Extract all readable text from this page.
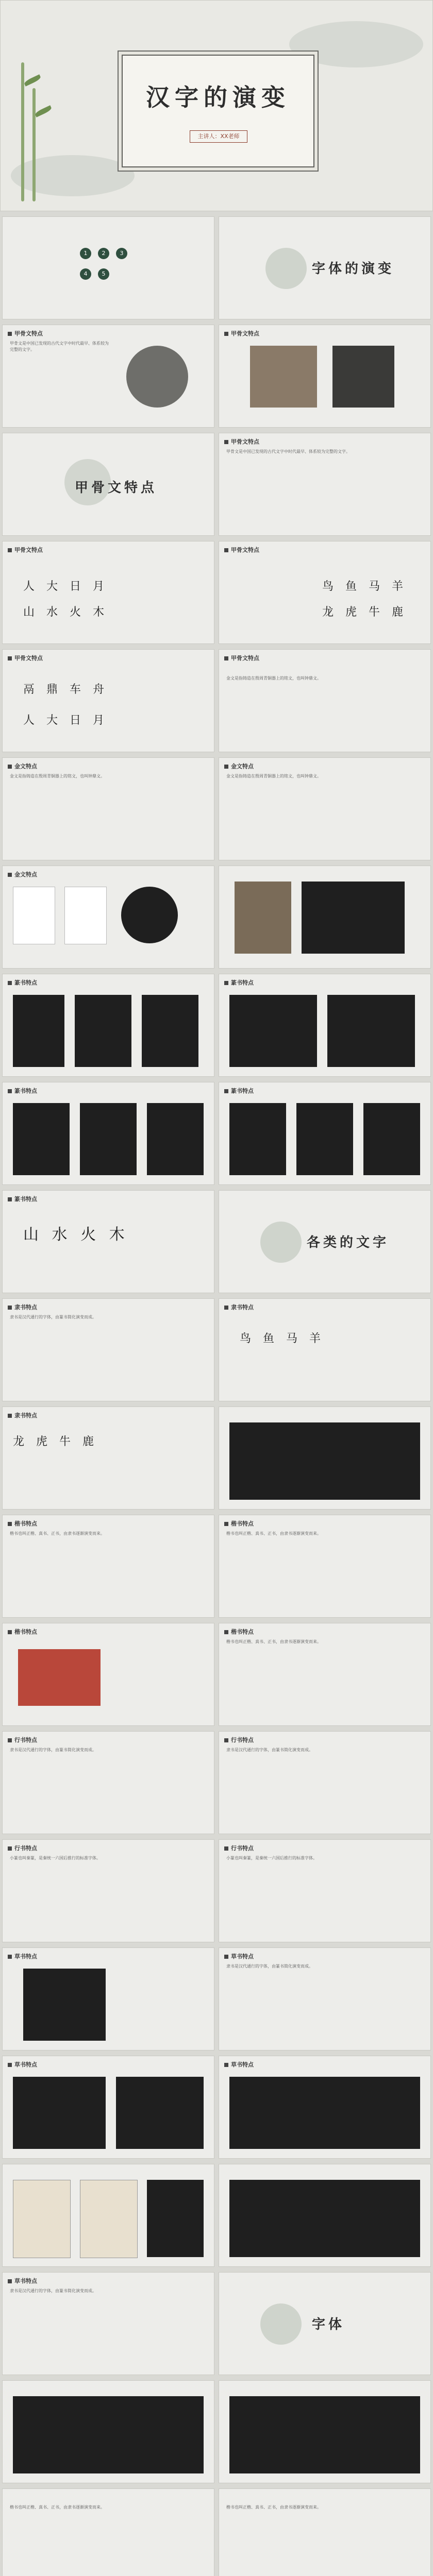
汉字的演变
主讲人：XX老师
1	2	3
4	5	字体的演变
甲骨文特点
甲骨文是中国已发现的古代文字中时代最早、体系较为完整的文字。
甲骨文特点
甲骨文特点
甲骨文特点
甲骨文是中国已发现的古代文字中时代最早、体系较为完整的文字。
甲骨文特点
人 大 日 月
山 水 火 木
甲骨文特点
鸟 鱼 马 羊
龙 虎 牛 鹿
甲骨文特点
鬲 鼎 车 舟
人 大 日 月
甲骨文特点
金文是指铸造在殷周青铜器上的铭文，也叫钟鼎文。
金文特点
金文是指铸造在殷周青铜器上的铭文，也叫钟鼎文。
金文特点
金文是指铸造在殷周青铜器上的铭文，也叫钟鼎文。
金文特点
篆书特点	篆书特点
篆书特点	篆书特点
篆书特点
山 水 火 木	各类的文字
隶书特点
隶书是汉代通行的字体，由篆书简化演变而成。
隶书特点
鸟 鱼 马 羊
隶书特点
龙 虎 牛 鹿
楷书特点
楷书也叫正楷、真书、正书，由隶书逐渐演变而来。
楷书特点
楷书也叫正楷、真书、正书，由隶书逐渐演变而来。
楷书特点	楷书特点
楷书也叫正楷、真书、正书，由隶书逐渐演变而来。
行书特点
隶书是汉代通行的字体，由篆书简化演变而成。
行书特点
隶书是汉代通行的字体，由篆书简化演变而成。
行书特点
小篆也叫秦篆，是秦统一六国后推行的标准字体。
行书特点
小篆也叫秦篆，是秦统一六国后推行的标准字体。
草书特点	草书特点
隶书是汉代通行的字体，由篆书简化演变而成。
草书特点	草书特点
草书特点
隶书是汉代通行的字体，由篆书简化演变而成。
字体
楷书也叫正楷、真书、正书，由隶书逐渐演变而来。	楷书也叫正楷、真书、正书，由隶书逐渐演变而来。
